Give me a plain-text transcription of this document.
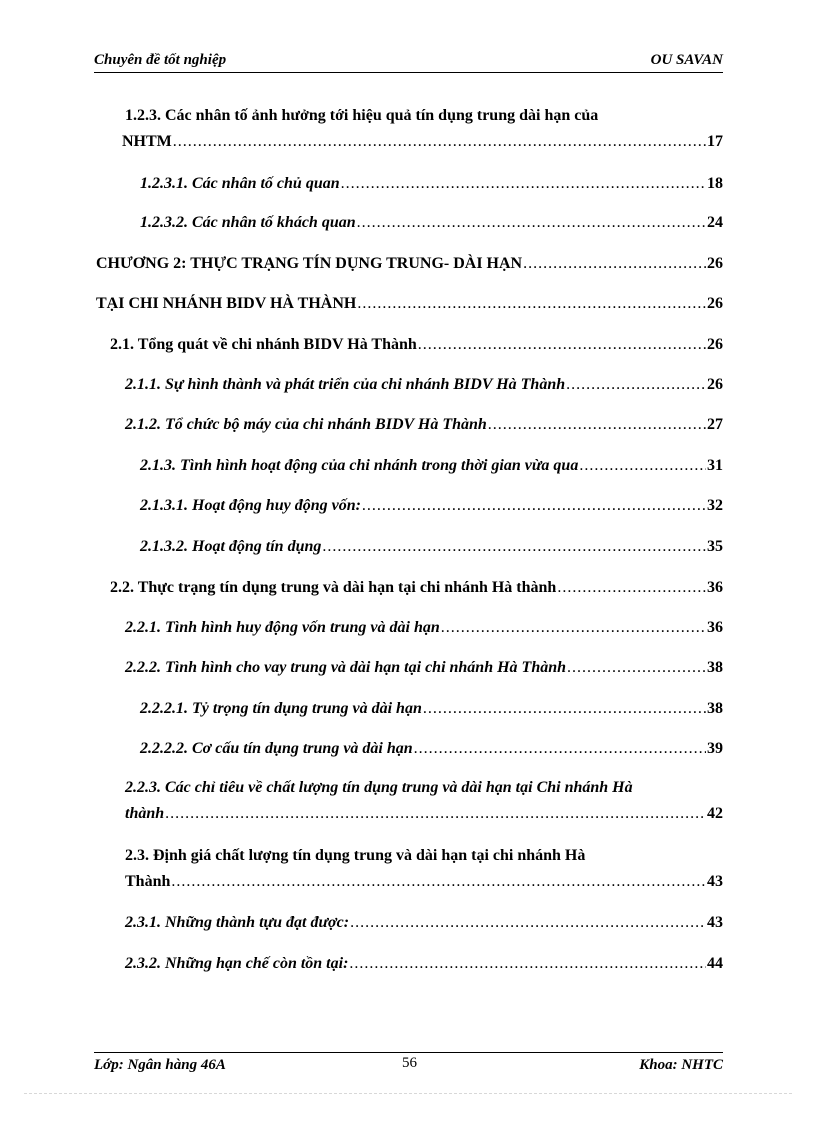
Chuyên đề tốt nghiệp	OU SAVAN
1.2.3. Các nhân tố ảnh hưởng tới hiệu quả tín dụng trung dài hạn của
NHTM .....	17
1.2.3.1. Các nhân tố chủ quan .....	18
1.2.3.2. Các nhân tố khách quan .....	24
CHƯƠNG 2: THỰC TRẠNG TÍN DỤNG TRUNG- DÀI HẠN .....	26
TẠI CHI NHÁNH BIDV HÀ THÀNH .....	26
2.1. Tổng quát về chi nhánh BIDV Hà Thành .....	26
2.1.1. Sự hình thành và phát triển của chi nhánh BIDV Hà Thành .....	26
2.1.2. Tổ chức bộ máy của chi nhánh BIDV Hà Thành .....	27
2.1.3. Tình hình hoạt động của chi nhánh trong thời gian vừa qua .....	31
2.1.3.1. Hoạt động huy động vốn: .....	32
2.1.3.2. Hoạt động tín dụng .....	35
2.2. Thực trạng tín dụng trung và dài hạn tại chi nhánh Hà thành .....	36
2.2.1. Tình hình huy động vốn trung và dài hạn .....	36
2.2.2. Tình hình cho vay trung và dài hạn tại chi nhánh Hà Thành .....	38
2.2.2.1. Tỷ trọng tín dụng trung và dài hạn .....	38
2.2.2.2. Cơ cấu tín dụng trung và dài hạn .....	39
2.2.3. Các chỉ tiêu về chất lượng tín dụng trung và dài hạn tại Chi nhánh Hà
thành .....	42
2.3. Định giá chất lượng tín dụng trung và dài hạn tại chi nhánh Hà
Thành .....	43
2.3.1. Những thành tựu đạt được: .....	43
2.3.2. Những hạn chế còn tồn tại: .....	44
Lớp: Ngân hàng 46A	56	Khoa: NHTC
